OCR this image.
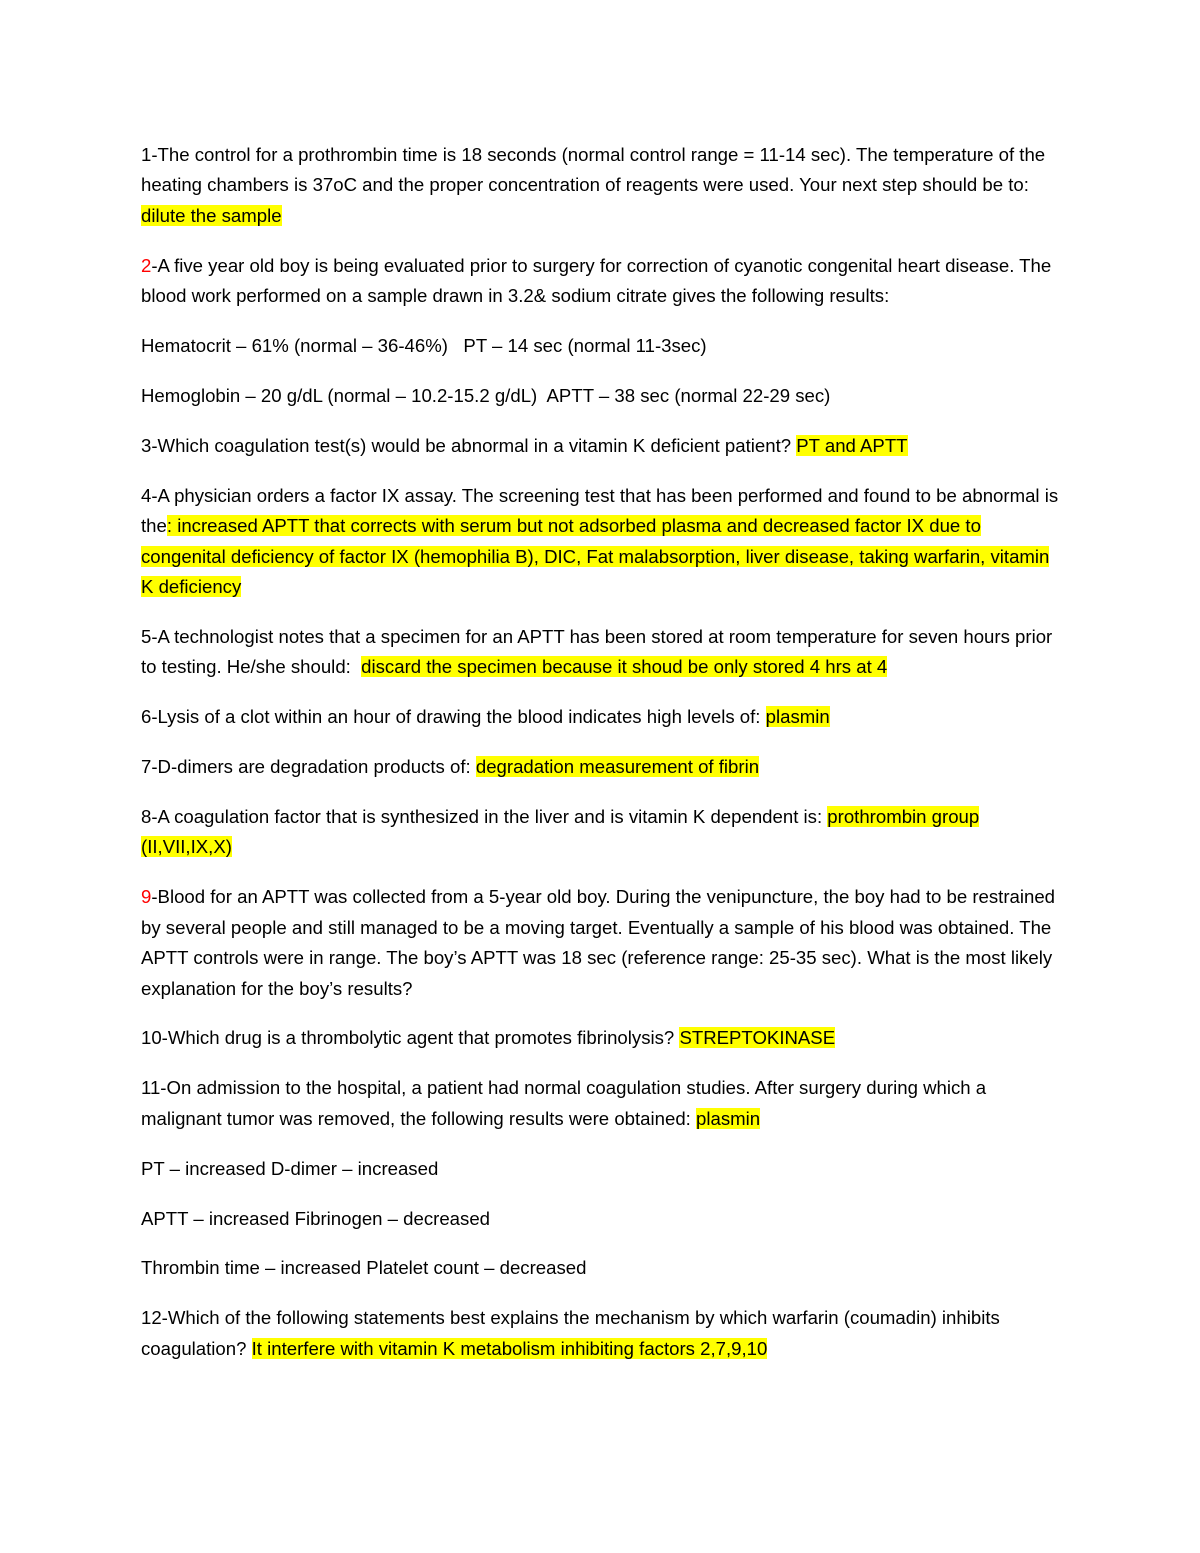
1-The control for a prothrombin time is 18 seconds (normal control range = 11-14 sec). The temperature of the heating chambers is 37oC and the proper concentration of reagents were used. Your next step should be to: dilute the sample

2-A five year old boy is being evaluated prior to surgery for correction of cyanotic congenital heart disease. The blood work performed on a sample drawn in 3.2& sodium citrate gives the following results:

Hematocrit – 61% (normal – 36-46%)   PT – 14 sec (normal 11-3sec)

Hemoglobin – 20 g/dL (normal – 10.2-15.2 g/dL)  APTT – 38 sec (normal 22-29 sec)

3-Which coagulation test(s) would be abnormal in a vitamin K deficient patient? PT and APTT

4-A physician orders a factor IX assay. The screening test that has been performed and found to be abnormal is the: increased APTT that corrects with serum but not adsorbed plasma and decreased factor IX due to congenital deficiency of factor IX (hemophilia B), DIC, Fat malabsorption, liver disease, taking warfarin, vitamin K deficiency

5-A technologist notes that a specimen for an APTT has been stored at room temperature for seven hours prior to testing. He/she should:  discard the specimen because it shoud be only stored 4 hrs at 4

6-Lysis of a clot within an hour of drawing the blood indicates high levels of: plasmin

7-D-dimers are degradation products of: degradation measurement of fibrin

8-A coagulation factor that is synthesized in the liver and is vitamin K dependent is: prothrombin group (II,VII,IX,X)

9-Blood for an APTT was collected from a 5-year old boy. During the venipuncture, the boy had to be restrained by several people and still managed to be a moving target. Eventually a sample of his blood was obtained. The APTT controls were in range. The boy’s APTT was 18 sec (reference range: 25-35 sec). What is the most likely explanation for the boy’s results?

10-Which drug is a thrombolytic agent that promotes fibrinolysis? STREPTOKINASE

11-On admission to the hospital, a patient had normal coagulation studies. After surgery during which a malignant tumor was removed, the following results were obtained: plasmin

PT – increased D-dimer – increased

APTT – increased Fibrinogen – decreased

Thrombin time – increased Platelet count – decreased

12-Which of the following statements best explains the mechanism by which warfarin (coumadin) inhibits coagulation? It interfere with vitamin K metabolism inhibiting factors 2,7,9,10
